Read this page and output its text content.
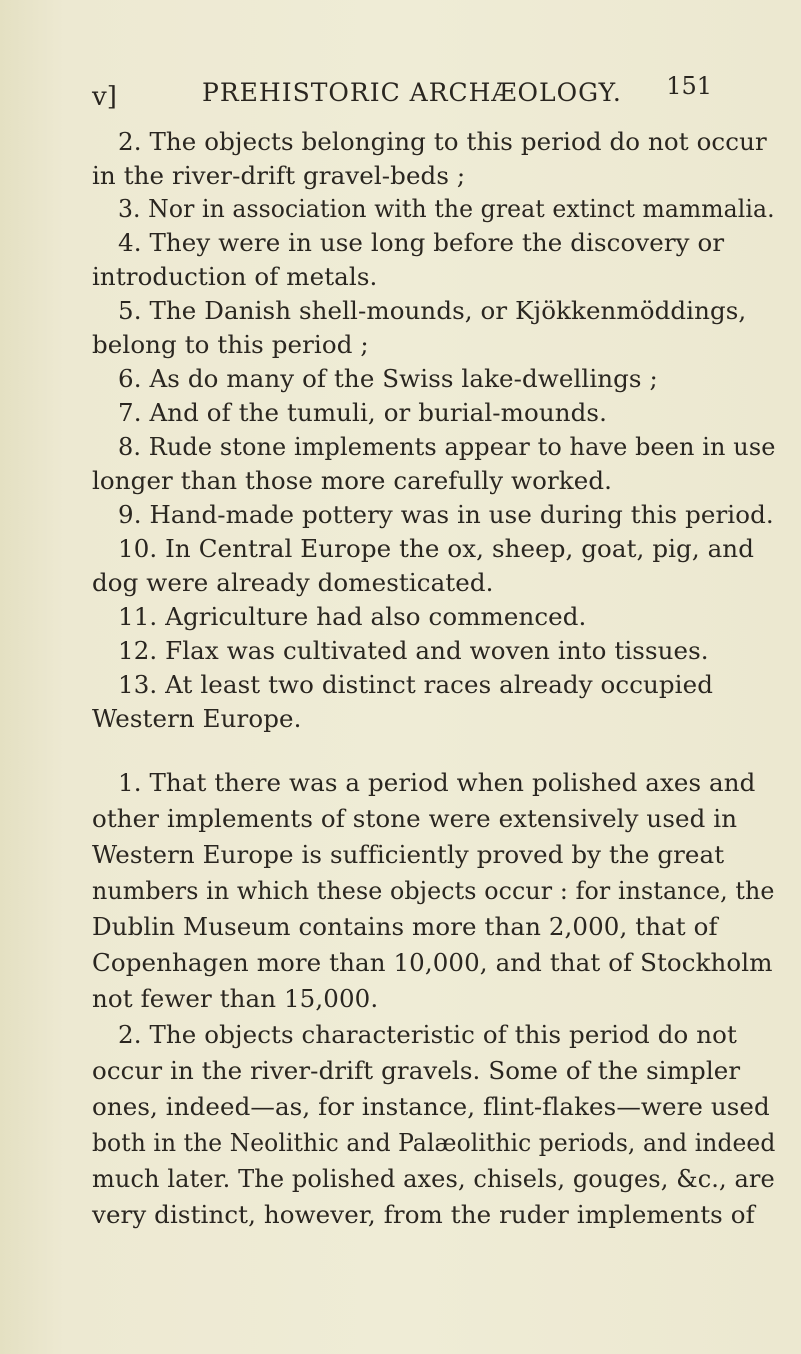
v]	PREHISTORIC ARCHÆOLOGY. 151
2. The objects belonging to this period do not occur
in the river-drift gravel-beds ;
3. Nor in association with the great extinct mammalia.
4. They were in use long before the discovery or
introduction of metals.
5. The Danish shell-mounds, or Kjökkenmöddings,
belong to this period ;
6. As do many of the Swiss lake-dwellings ;
7. And of the tumuli, or burial-mounds.
8. Rude stone implements appear to have been in use
longer than those more carefully worked.
9. Hand-made pottery was in use during this period.
10. In Central Europe the ox, sheep, goat, pig, and
dog were already domesticated.
11. Agriculture had also commenced.
12. Flax was cultivated and woven into tissues.
13. At least two distinct races already occupied
Western Europe.
1. That there was a period when polished axes and
other implements of stone were extensively used in
Western Europe is sufficiently proved by the great
numbers in which these objects occur : for instance, the
Dublin Museum contains more than 2,000, that of
Copenhagen more than 10,000, and that of Stockholm
not fewer than 15,000.
2. The objects characteristic of this period do not
occur in the river-drift gravels. Some of the simpler
ones, indeed—as, for instance, flint-flakes—were used
both in the Neolithic and Palæolithic periods, and indeed
much later. The polished axes, chisels, gouges, &c., are
very distinct, however, from the ruder implements of
